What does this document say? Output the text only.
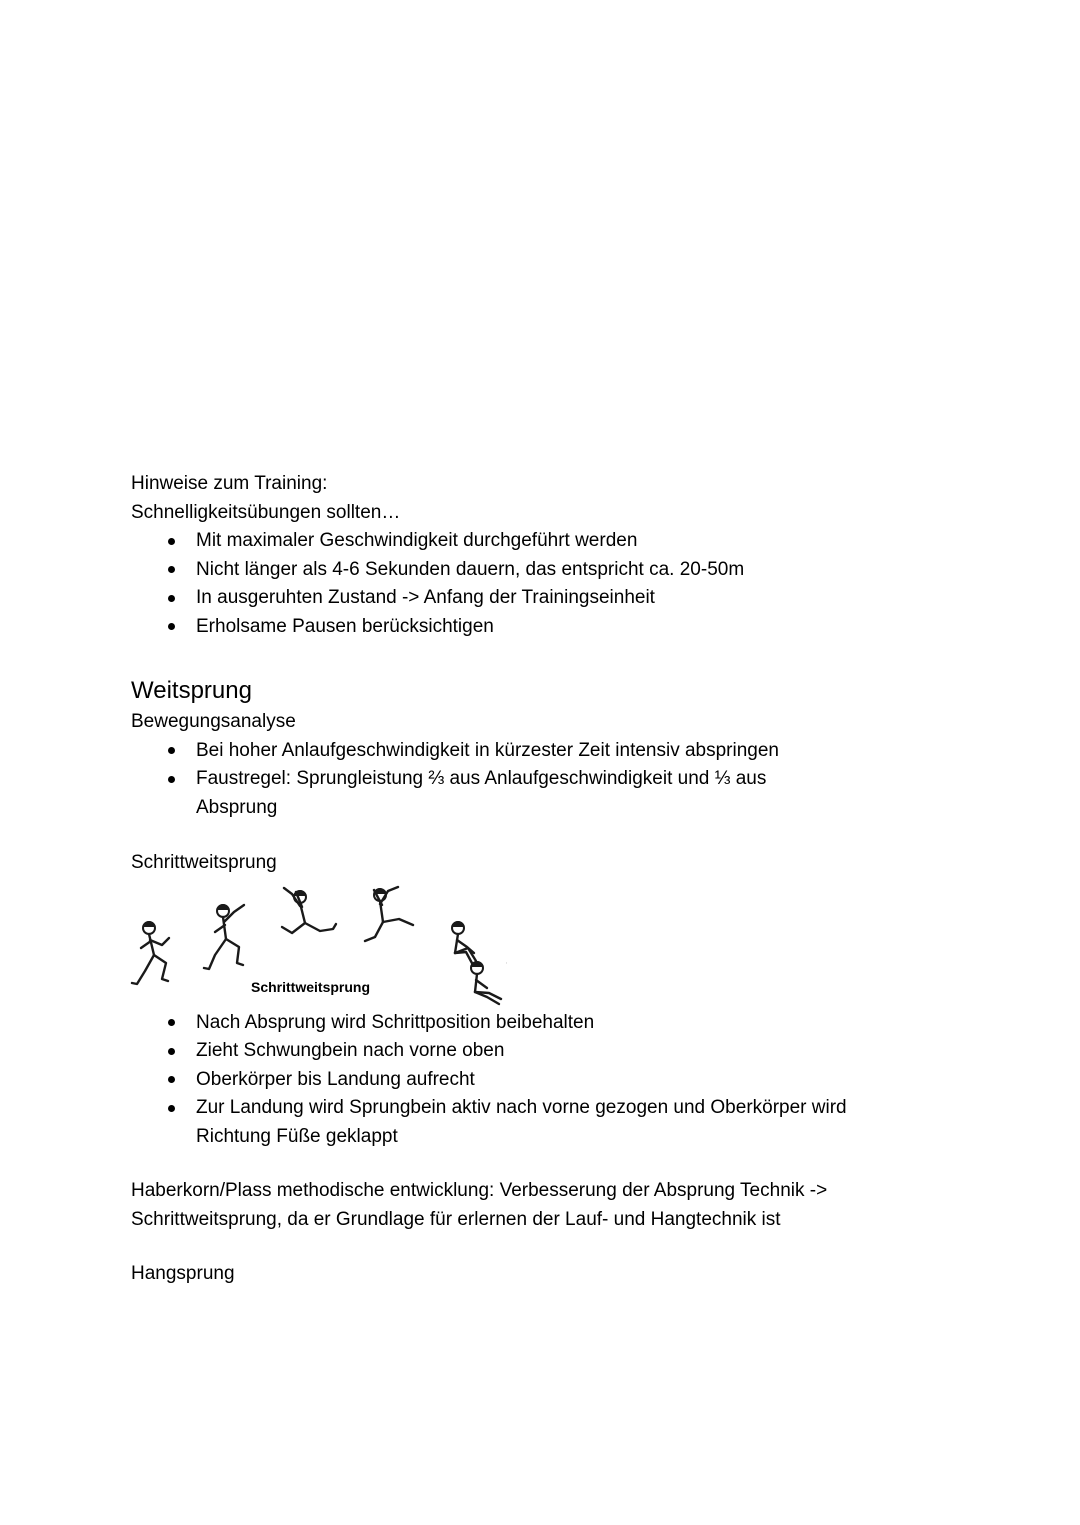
Hinweise zum Training:
Schnelligkeitsübungen sollten…
Mit maximaler Geschwindigkeit durchgeführt werden
Nicht länger als 4-6 Sekunden dauern, das entspricht ca. 20-50m
In ausgeruhten Zustand -> Anfang der Trainingseinheit
Erholsame Pausen berücksichtigen
Weitsprung
Bewegungsanalyse
Bei hoher Anlaufgeschwindigkeit in kürzester Zeit intensiv abspringen
Faustregel: Sprungleistung ⅔ aus Anlaufgeschwindigkeit und ⅓ aus
Absprung
Schrittweitsprung
Schrittweitsprung
Nach Absprung wird Schrittposition beibehalten
Zieht Schwungbein nach vorne oben
Oberkörper bis Landung aufrecht
Zur Landung wird Sprungbein aktiv nach vorne gezogen und Oberkörper wird
Richtung Füße geklappt
Haberkorn/Plass methodische entwicklung: Verbesserung der Absprung Technik ->
Schrittweitsprung, da er Grundlage für erlernen der Lauf- und Hangtechnik ist
Hangsprung
